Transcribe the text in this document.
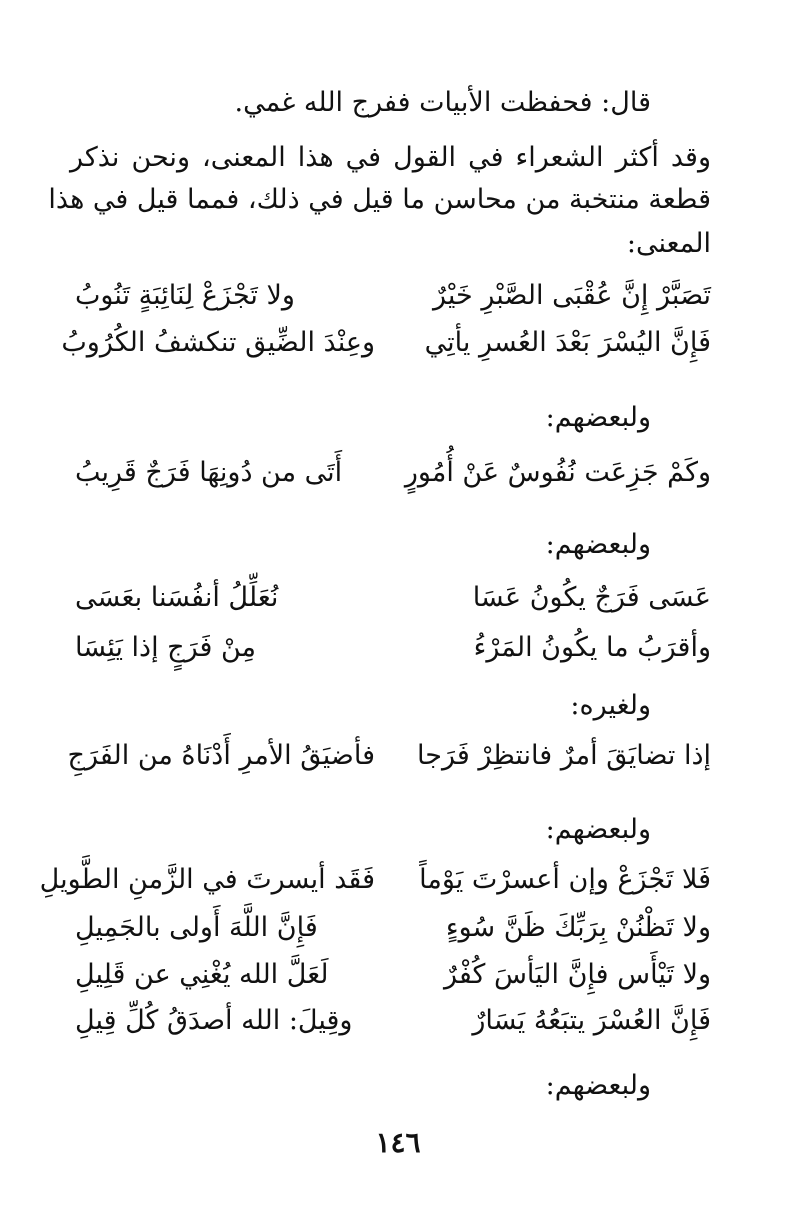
قال: فحفظت الأبيات ففرج الله غمي.
وقد أكثر الشعراء في القول في هذا المعنى، ونحن نذكر
قطعة منتخبة من محاسن ما قيل في ذلك، فمما قيل في هذا
المعنى:
تَصَبَّرْ إِنَّ عُقْبَى الصَّبْرِ خَيْرٌ
ولا تَجْزَعْ لِنَائِبَةٍ تَنُوبُ
فَإِنَّ اليُسْرَ بَعْدَ العُسرِ يأتِي
وعِنْدَ الضِّيق تنكشفُ الكُرُوبُ
ولبعضهم:
وكَمْ جَزِعَت نُفُوسٌ عَنْ أُمُورٍ
أَتَى من دُونِهَا فَرَجٌ قَرِيبُ
ولبعضهم:
عَسَى فَرَجٌ يكُونُ عَسَا
نُعَلِّلُ أنفُسَنا بعَسَى
وأقرَبُ ما يكُونُ المَرْءُ
مِنْ فَرَجٍ إذا يَئِسَا
ولغيره:
إذا تضايَقَ أمرٌ فانتظِرْ فَرَجا
فأضيَقُ الأمرِ أَدْنَاهُ من الفَرَجِ
ولبعضهم:
فَلا تَجْزَعْ وإن أعسرْتَ يَوْماً
فَقَد أيسرتَ في الزَّمنِ الطَّويلِ
ولا تَظْنُنْ بِرَبِّكَ ظَنَّ سُوءٍ
فَإِنَّ اللَّهَ أَولى بالجَمِيلِ
ولا تَيْأَس فإِنَّ اليَأسَ كُفْرٌ
لَعَلَّ الله يُغْنِي عن قَلِيلِ
فَإِنَّ العُسْرَ يتبَعُهُ يَسَارٌ
وقِيلَ: الله أصدَقُ كُلِّ قِيلِ
ولبعضهم:
١٤٦
